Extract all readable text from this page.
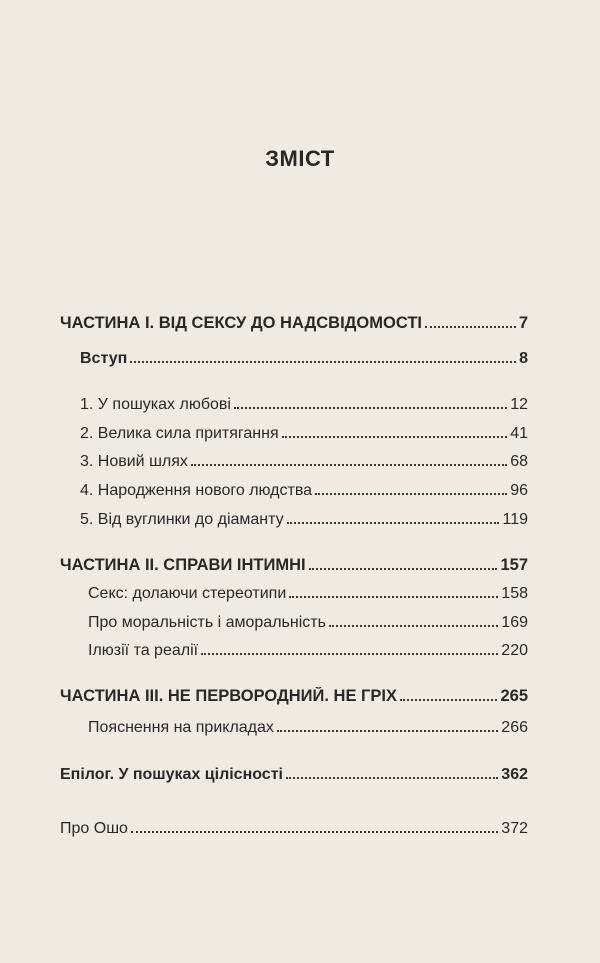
ЗМІСТ
ЧАСТИНА І. ВІД СЕКСУ ДО НАДСВІДОМОСТІ	7
Вступ	8
1. У пошуках любові	12
2. Велика сила притягання	41
3. Новий шлях	68
4. Народження нового людства	96
5. Від вуглинки до діаманту	119
ЧАСТИНА ІІ. СПРАВИ ІНТИМНІ	157
Секс: долаючи стереотипи	158
Про моральність і аморальність	169
Ілюзії та реалії	220
ЧАСТИНА ІІІ. НЕ ПЕРВОРОДНИЙ. НЕ ГРІХ	265
Пояснення на прикладах	266
Епілог. У пошуках цілісності	362
Про Ошо	372
